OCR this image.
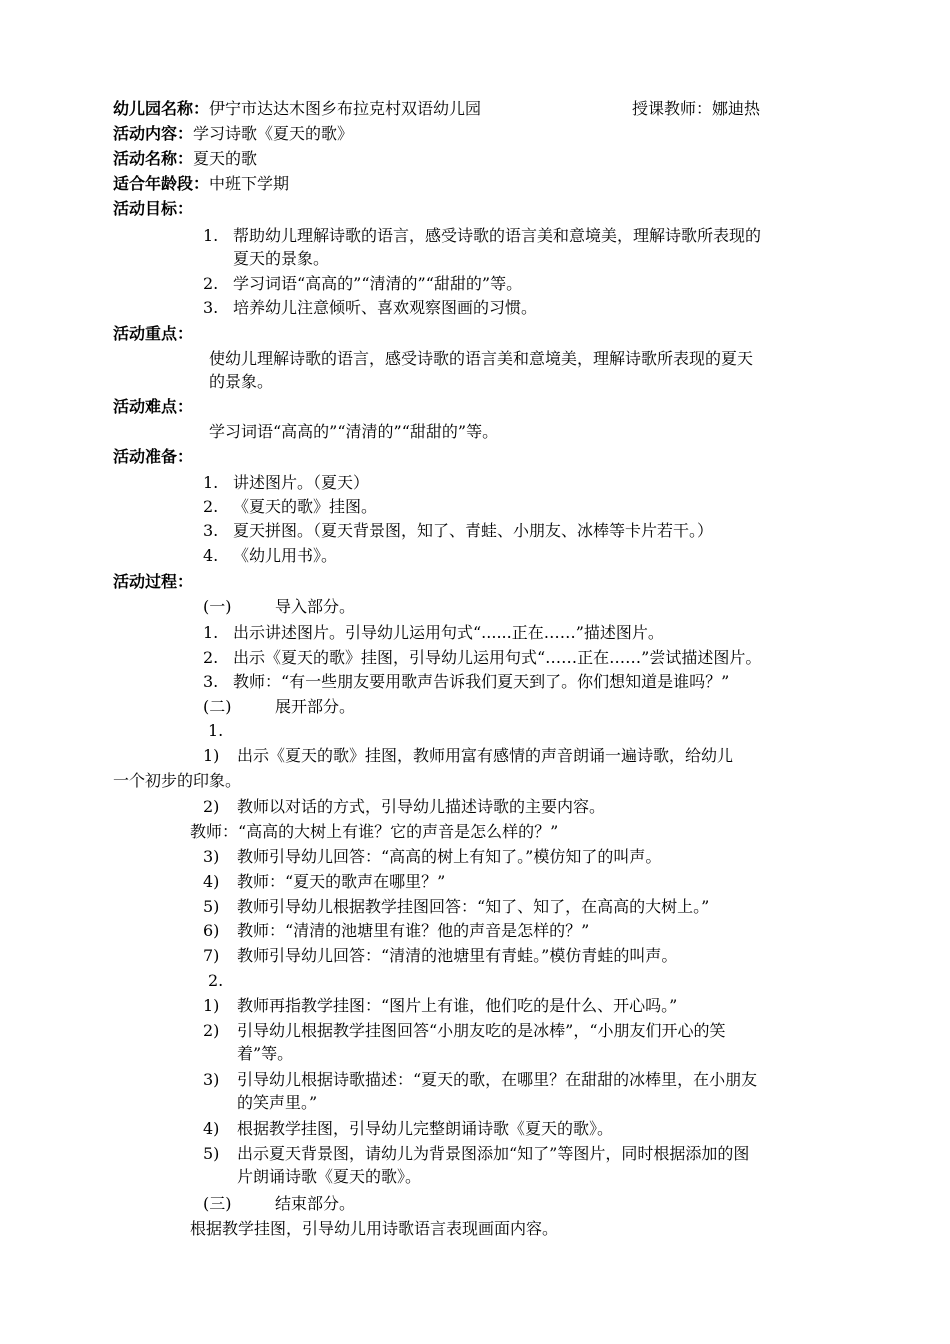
幼儿园名称：伊宁市达达木图乡布拉克村双语幼儿园	授课教师：娜迪热
活动内容：学习诗歌《夏天的歌》
活动名称：夏天的歌
适合年龄段：中班下学期
活动目标：
1. 帮助幼儿理解诗歌的语言，感受诗歌的语言美和意境美，理解诗歌所表现的
夏天的景象。
2. 学习词语“高高的”“清清的”“甜甜的”等。
3. 培养幼儿注意倾听、喜欢观察图画的习惯。
活动重点：
使幼儿理解诗歌的语言，感受诗歌的语言美和意境美，理解诗歌所表现的夏天
的景象。
活动难点：
学习词语“高高的”“清清的”“甜甜的”等。
活动准备：
1. 讲述图片。（夏天）
2. 《夏天的歌》挂图。
3. 夏天拼图。（夏天背景图，知了、青蛙、小朋友、冰棒等卡片若干。）
4. 《幼儿用书》。
活动过程：
(一)	导入部分。
1. 出示讲述图片。引导幼儿运用句式“......正在……”描述图片。
2. 出示《夏天的歌》挂图，引导幼儿运用句式“……正在……”尝试描述图片。
3. 教师：“有一些朋友要用歌声告诉我们夏天到了。你们想知道是谁吗？”
(二)	展开部分。
1.
1) 出示《夏天的歌》挂图，教师用富有感情的声音朗诵一遍诗歌，给幼儿
一个初步的印象。
2) 教师以对话的方式，引导幼儿描述诗歌的主要内容。
教师：“高高的大树上有谁？它的声音是怎么样的？”
3) 教师引导幼儿回答：“高高的树上有知了。”模仿知了的叫声。
4) 教师：“夏天的歌声在哪里？”
5) 教师引导幼儿根据教学挂图回答：“知了、知了，在高高的大树上。”
6) 教师：“清清的池塘里有谁？他的声音是怎样的？”
7) 教师引导幼儿回答：“清清的池塘里有青蛙。”模仿青蛙的叫声。
2.
1) 教师再指教学挂图：“图片上有谁，他们吃的是什么、开心吗。”
2) 引导幼儿根据教学挂图回答“小朋友吃的是冰棒”，“小朋友们开心的笑
着”等。
3) 引导幼儿根据诗歌描述：“夏天的歌，在哪里？在甜甜的冰棒里，在小朋友
的笑声里。”
4) 根据教学挂图，引导幼儿完整朗诵诗歌《夏天的歌》。
5) 出示夏天背景图，请幼儿为背景图添加“知了”等图片，同时根据添加的图
片朗诵诗歌《夏天的歌》。
(三)	结束部分。
根据教学挂图，引导幼儿用诗歌语言表现画面内容。
